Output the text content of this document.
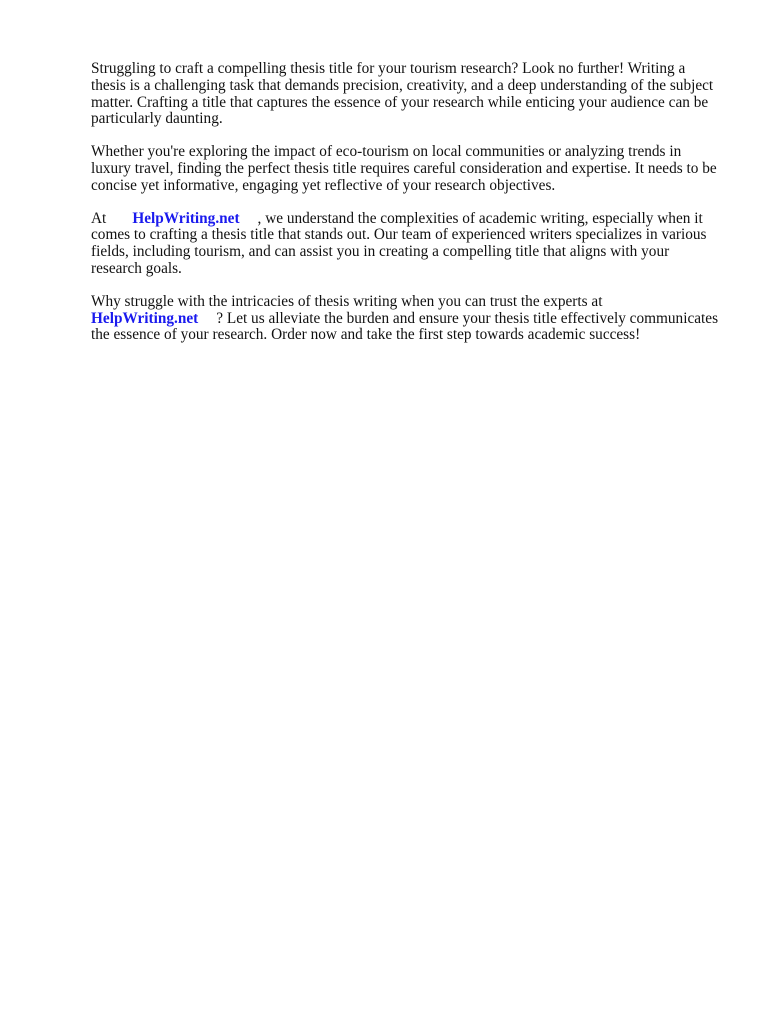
Struggling to craft a compelling thesis title for your tourism research? Look no further! Writing a thesis is a challenging task that demands precision, creativity, and a deep understanding of the subject matter. Crafting a title that captures the essence of your research while enticing your audience can be particularly daunting.

Whether you're exploring the impact of eco-tourism on local communities or analyzing trends in luxury travel, finding the perfect thesis title requires careful consideration and expertise. It needs to be concise yet informative, engaging yet reflective of your research objectives.

At HelpWriting.net , we understand the complexities of academic writing, especially when it comes to crafting a thesis title that stands out. Our team of experienced writers specializes in various fields, including tourism, and can assist you in creating a compelling title that aligns with your research goals.

Why struggle with the intricacies of thesis writing when you can trust the experts at
HelpWriting.net ? Let us alleviate the burden and ensure your thesis title effectively communicates the essence of your research. Order now and take the first step towards academic success!
